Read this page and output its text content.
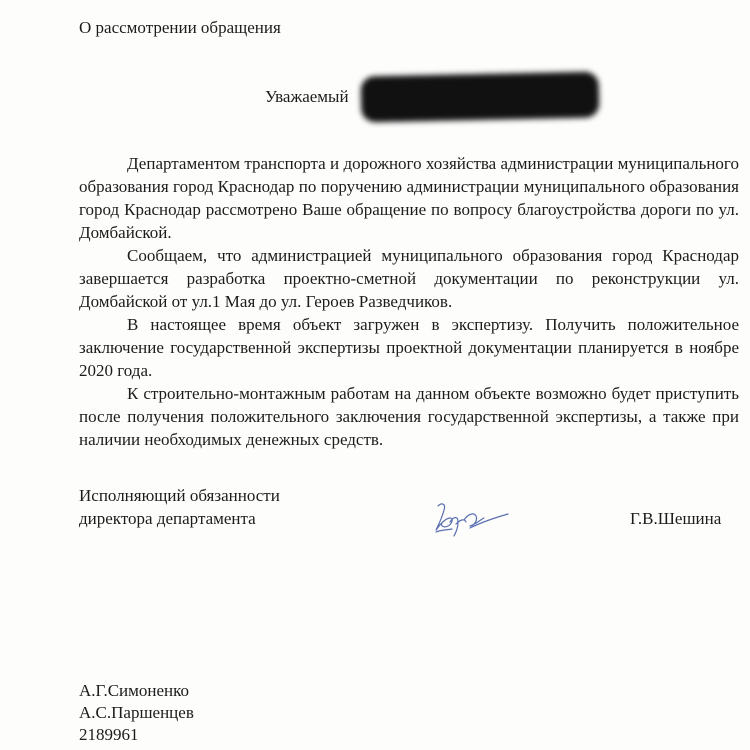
О рассмотрении обращения
Уважаемый

Департаментом транспорта и дорожного хозяйства администрации муниципального образования город Краснодар по поручению администрации муниципального образования город Краснодар рассмотрено Ваше обращение по вопросу благоустройства дороги по ул. Домбайской.

Сообщаем, что администрацией муниципального образования город Краснодар завершается разработка проектно-сметной документации по реконструкции ул. Домбайской от ул.1 Мая до ул. Героев Разведчиков.

В настоящее время объект загружен в экспертизу. Получить положительное заключение государственной экспертизы проектной документации планируется в ноябре 2020 года.

К строительно-монтажным работам на данном объекте возможно будет приступить после получения положительного заключения государственной экспертизы, а также при наличии необходимых денежных средств.

Исполняющий обязанности
директора департамента	Г.В.Шешина
А.Г.Симоненко
А.С.Паршенцев
2189961
